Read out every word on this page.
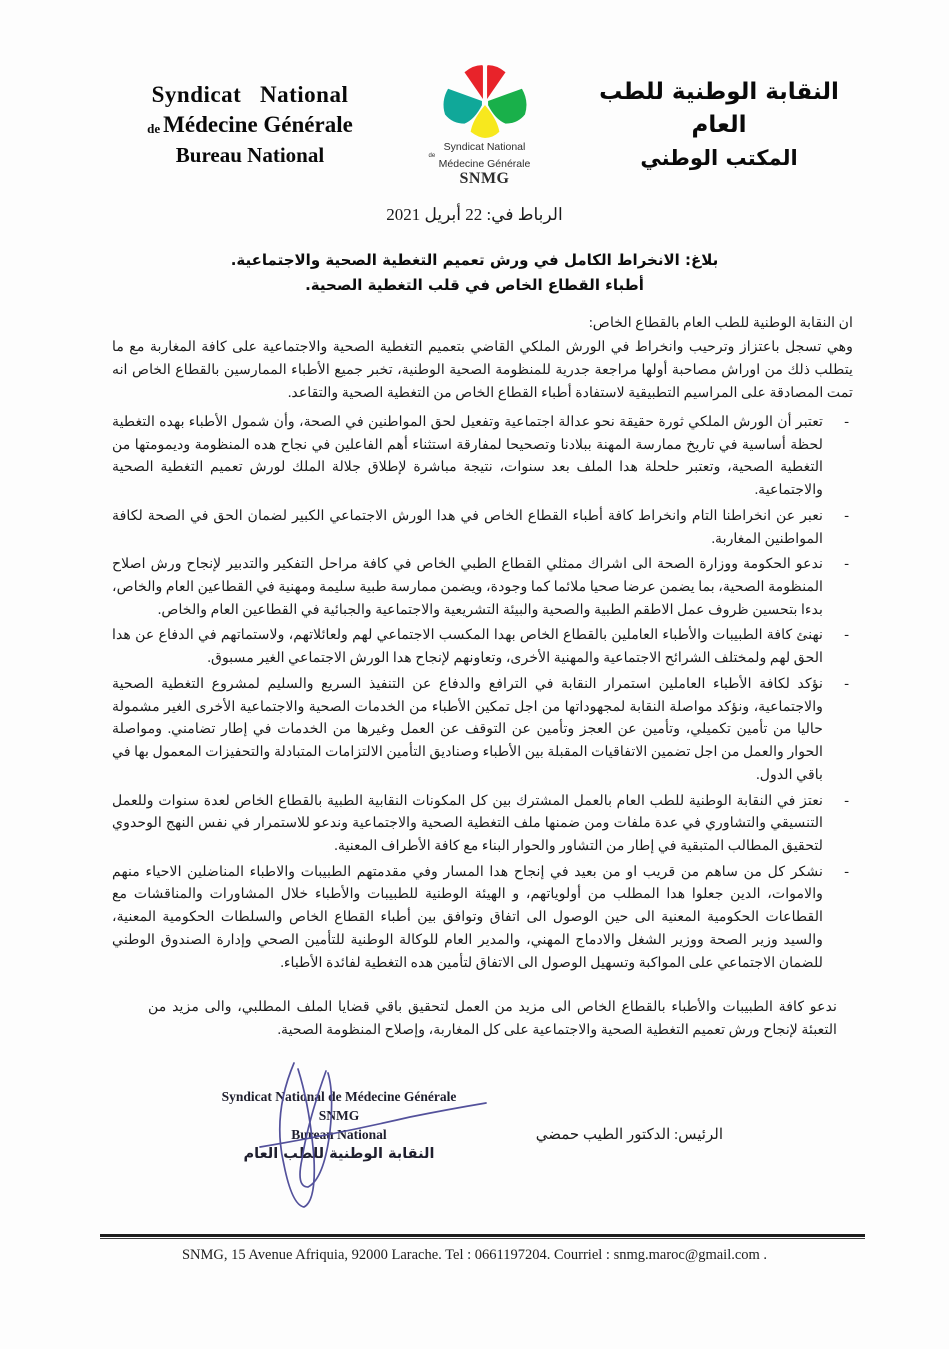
Syndicat   National
de Médecine Générale
Bureau National	Syndicat National
de
Médecine Générale
SNMG
النقابة الوطنية للطب العام
المكتب الوطني
الرباط في: 22 أبريل 2021
بلاغ: الانخراط الكامل في ورش تعميم التغطية الصحية والاجتماعية.
أطباء القطاع الخاص في قلب التغطية الصحية.

ان النقابة الوطنية للطب العام بالقطاع الخاص:

وهي تسجل باعتزاز وترحيب وانخراط في الورش الملكي القاضي بتعميم التغطية الصحية والاجتماعية على كافة المغاربة مع ما يتطلب ذلك من اوراش مصاحبة أولها مراجعة جدرية للمنظومة الصحية الوطنية، تخبر جميع الأطباء الممارسين بالقطاع الخاص انه تمت المصادقة على المراسيم التطبيقية لاستفادة أطباء القطاع الخاص من التغطية الصحية والتقاعد.

- تعتبر أن الورش الملكي ثورة حقيقة نحو عدالة اجتماعية وتفعيل لحق المواطنين في الصحة، وأن شمول الأطباء بهده التغطية لحظة أساسية في تاريخ ممارسة المهنة ببلادنا وتصحيحا لمفارقة استثناء أهم الفاعلين في نجاح هده المنظومة وديمومتها من التغطية الصحية، وتعتبر حلحلة هدا الملف بعد سنوات، نتيجة مباشرة لإطلاق جلالة الملك لورش تعميم التغطية الصحية والاجتماعية.
- نعبر عن انخراطنا التام وانخراط كافة أطباء القطاع الخاص في هدا الورش الاجتماعي الكبير لضمان الحق في الصحة لكافة المواطنين المغاربة.
- ندعو الحكومة ووزارة الصحة الى اشراك ممثلي القطاع الطبي الخاص في كافة مراحل التفكير والتدبير لإنجاح ورش اصلاح المنظومة الصحية، بما يضمن عرضا صحيا ملائما كما وجودة، ويضمن ممارسة طبية سليمة ومهنية في القطاعين العام والخاص، بدءا بتحسين ظروف عمل الاطقم الطبية والصحية والبيئة التشريعية والاجتماعية والجبائية في القطاعين العام والخاص.
- نهنئ كافة الطبيبات والأطباء العاملين بالقطاع الخاص بهدا المكسب الاجتماعي لهم ولعائلاتهم، ولاستماتهم في الدفاع عن هدا الحق لهم ولمختلف الشرائح الاجتماعية والمهنية الأخرى، وتعاونهم لإنجاح هدا الورش الاجتماعي الغير مسبوق.
- نؤكد لكافة الأطباء العاملين استمرار النقابة في الترافع والدفاع عن التنفيذ السريع والسليم لمشروع التغطية الصحية والاجتماعية، ونؤكد مواصلة النقابة لمجهوداتها من اجل تمكين الأطباء من الخدمات الصحية والاجتماعية الأخرى الغير مشمولة حاليا من تأمين تكميلي، وتأمين عن العجز وتأمين عن التوقف عن العمل وغيرها من الخدمات في إطار تضامني. ومواصلة الحوار والعمل من اجل تضمين الاتفاقيات المقبلة بين الأطباء وصناديق التأمين الالتزامات المتبادلة والتحفيزات المعمول بها في باقي الدول.
- نعتز في النقابة الوطنية للطب العام بالعمل المشترك بين كل المكونات النقابية الطبية بالقطاع الخاص لعدة سنوات وللعمل التنسيقي والتشاوري في عدة ملفات ومن ضمنها ملف التغطية الصحية والاجتماعية وندعو للاستمرار في نفس النهج الوحدوي لتحقيق المطالب المتبقية في إطار من التشاور والحوار البناء مع كافة الأطراف المعنية.
- نشكر كل من ساهم من قريب او من بعيد في إنجاح هدا المسار وفي مقدمتهم الطبيبات والاطباء المناضلين الاحياء منهم والاموات، الدين جعلوا هدا المطلب من أولوياتهم، و الهيئة الوطنية للطبيبات والأطباء خلال المشاورات والمناقشات مع القطاعات الحكومية المعنية الى حين الوصول الى اتفاق وتوافق بين أطباء القطاع الخاص والسلطات الحكومية المعنية، والسيد وزير الصحة ووزير الشغل والادماج المهني، والمدير العام للوكالة الوطنية للتأمين الصحي وإدارة الصندوق الوطني للضمان الاجتماعي على المواكبة وتسهيل الوصول الى الاتفاق لتأمين هده التغطية لفائدة الأطباء.

ندعو كافة الطبيبات والأطباء بالقطاع الخاص الى مزيد من العمل لتحقيق باقي قضايا الملف المطلبي، والى مزيد من التعبئة لإنجاح ورش تعميم التغطية الصحية والاجتماعية على كل المغاربة، وإصلاح المنظومة الصحية.

Syndicat National de Médecine Générale
SNMG
Bureau National
النقابة الوطنية للطب العام
الرئيس: الدكتور الطيب حمضي
SNMG, 15 Avenue Afriquia, 92000 Larache. Tel : 0661197204. Courriel : snmg.maroc@gmail.com .
